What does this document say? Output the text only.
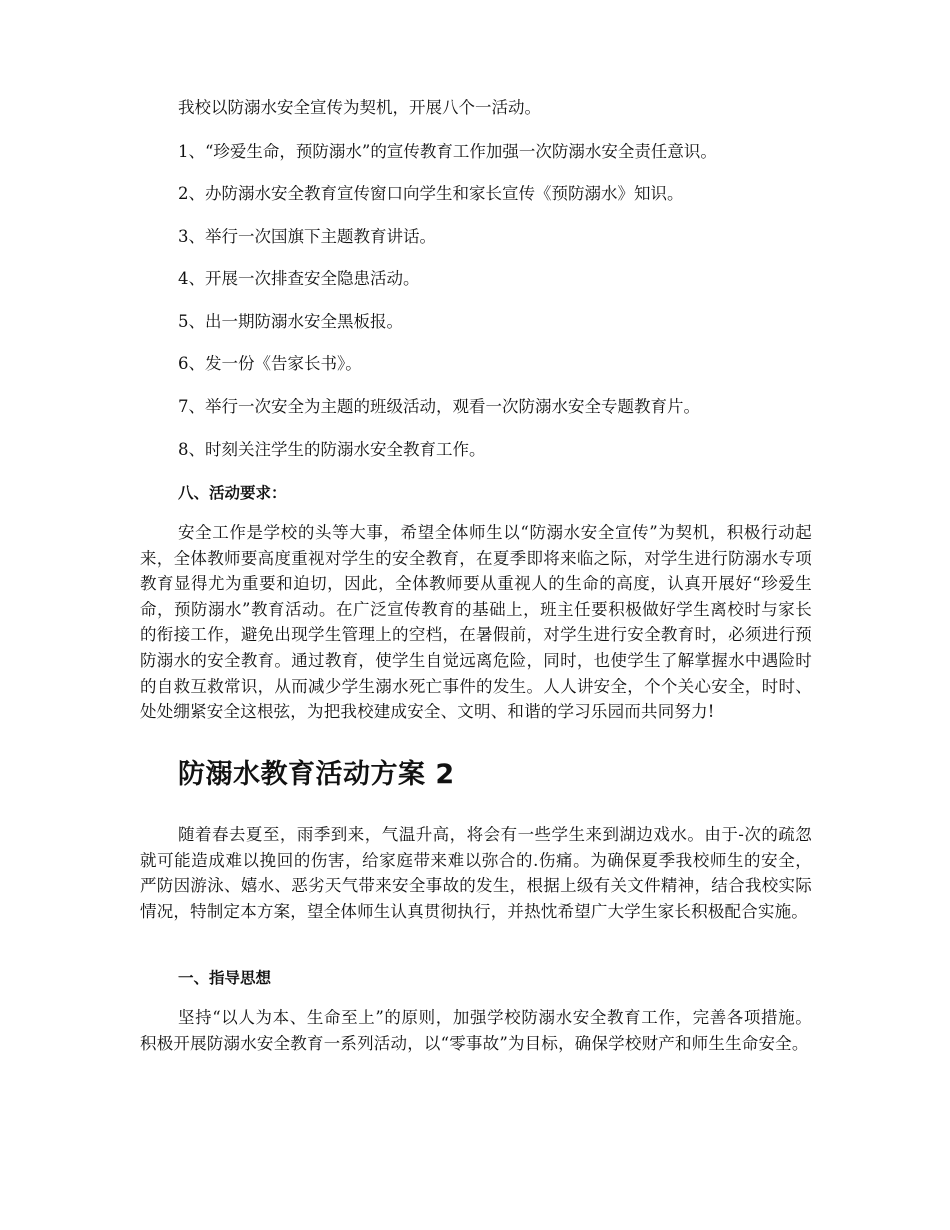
我校以防溺水安全宣传为契机，开展八个一活动。

1、“珍爱生命，预防溺水”的宣传教育工作加强一次防溺水安全责任意识。

2、办防溺水安全教育宣传窗口向学生和家长宣传《预防溺水》知识。

3、举行一次国旗下主题教育讲话。

4、开展一次排查安全隐患活动。

5、出一期防溺水安全黑板报。

6、发一份《告家长书》。

7、举行一次安全为主题的班级活动，观看一次防溺水安全专题教育片。

8、时刻关注学生的防溺水安全教育工作。

八、活动要求：

安全工作是学校的头等大事，希望全体师生以“防溺水安全宣传”为契机，积极行动起来，全体教师要高度重视对学生的安全教育，在夏季即将来临之际，对学生进行防溺水专项教育显得尤为重要和迫切，因此，全体教师要从重视人的生命的高度，认真开展好“珍爱生命，预防溺水”教育活动。在广泛宣传教育的基础上，班主任要积极做好学生离校时与家长的衔接工作，避免出现学生管理上的空档，在暑假前，对学生进行安全教育时，必须进行预防溺水的安全教育。通过教育，使学生自觉远离危险，同时，也使学生了解掌握水中遇险时的自救互救常识，从而减少学生溺水死亡事件的发生。人人讲安全，个个关心安全，时时、处处绷紧安全这根弦，为把我校建成安全、文明、和谐的学习乐园而共同努力!

防溺水教育活动方案 2

随着春去夏至，雨季到来，气温升高，将会有一些学生来到湖边戏水。由于-次的疏忽就可能造成难以挽回的伤害，给家庭带来难以弥合的.伤痛。为确保夏季我校师生的安全，严防因游泳、嬉水、恶劣天气带来安全事故的发生，根据上级有关文件精神，结合我校实际情况，特制定本方案，望全体师生认真贯彻执行，并热忱希望广大学生家长积极配合实施。

一、指导思想

坚持“以人为本、生命至上”的原则，加强学校防溺水安全教育工作，完善各项措施。积极开展防溺水安全教育一系列活动，以“零事故”为目标，确保学校财产和师生生命安全。
